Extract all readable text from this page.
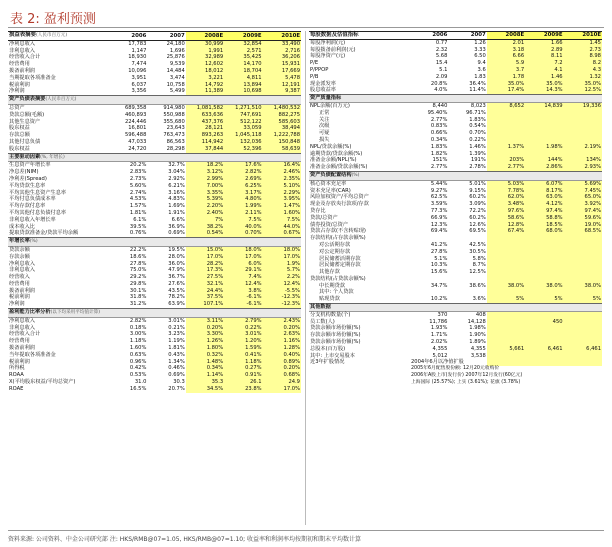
表 2: 盈利预测
损益表摘要(人民币百万元)	2006	2007	2008E	2009E	2010E
净利息收入	17,783	24,180	30,999	32,854	33,490
非利息收入	1,147	1,696	1,991	2,571	2,716
经营收入合计	18,930	25,876	32,989	35,425	36,206
经营费用	7,474	9,539	12,602	14,170	15,931
拨备前利润	10,096	14,484	18,012	18,704	17,669
当期提取各项准备金	3,951	3,474	3,221	4,811	5,478
税前利润	6,037	10,758	14,792	13,894	12,191
净利润	3,356	5,499	11,389	10,698	9,387
资产负债表摘要(人民币百万元)					
总资产	689,358	914,980	1,081,582	1,271,510	1,480,532
贷款总额(毛额)	460,893	550,988	633,636	747,691	882,275
其他生息资产	224,446	355,680	437,376	512,122	585,603
股东权益	16,801	23,643	28,121	33,059	38,494
存款总额	596,488	763,473	893,263	1,045,118	1,222,788
其他付息负债	47,033	86,563	114,942	132,036	150,848
股东权益	24,720	28,298	37,844	52,396	58,639
主要驱动因素(%, 年增长)					
生息资产年增长率	20.2%	32.7%	18.2%	17.6%	16.4%
净息差(NIM)	2.83%	3.04%	3.12%	2.82%	2.46%
净利差(Spread)	2.73%	2.92%	2.99%	2.69%	2.35%
平均贷款生息率	5.60%	6.21%	7.00%	6.25%	5.10%
平均其他生息资产生息率	2.74%	3.16%	3.35%	3.17%	2.29%
平均付息负债成本率	4.53%	4.83%	5.39%	4.80%	3.95%
平均存款付息率	1.57%	1.69%	2.20%	1.99%	1.47%
平均其他付息负债付息率	1.81%	1.91%	2.40%	2.11%	1.60%
非利息收入年增长率	6.1%	6.6%	7%	7.5%	7.5%
成本收入比	39.5%	36.9%	38.2%	40.0%	44.0%
提取贷款准备金/贷款平均余额	0.76%	0.69%	0.54%	0.70%	0.67%
年增长率(%)					
贷款余额	22.2%	19.5%	15.0%	18.0%	18.0%
存款余额	18.6%	28.0%	17.0%	17.0%	17.0%
净利息收入	27.8%	36.0%	28.2%	6.0%	1.9%
非利息收入	75.0%	47.9%	17.3%	29.1%	5.7%
经营收入	29.2%	36.7%	27.5%	7.4%	2.2%
经营费用	29.8%	27.6%	32.1%	12.4%	12.4%
拨备前利润	30.1%	43.5%	24.4%	3.8%	-5.5%
税前利润	31.8%	78.2%	37.5%	-6.1%	-12.3%
净利润	31.2%	63.9%	107.1%	-6.1%	-12.3%
盈利能力比率分析(以下均采用平均值计算)					
净利息收入	2.82%	3.01%	3.11%	2.79%	2.43%
非利息收入	0.18%	0.21%	0.20%	0.22%	0.20%
经营收入合计	3.00%	3.23%	3.30%	3.01%	2.63%
经营费用	1.18%	1.19%	1.26%	1.20%	1.16%
拨备前利润	1.60%	1.81%	1.80%	1.59%	1.28%
当年提取各项准备金	0.63%	0.43%	0.32%	0.41%	0.40%
税前利润	0.96%	1.34%	1.48%	1.18%	0.89%
所得税	0.42%	0.46%	0.34%	0.27%	0.20%
ROAA	0.53%	0.69%	1.14%	0.91%	0.68%
X(平均股东权益/平均总资产)	31.0	30.3	35.3	26.1	24.9
ROAE	16.5%	20.7%	34.5%	23.8%	17.0%
每股数据及估值指标	2006	2007	2008E	2009E	2010E
每股净利润(元)	0.77	1.26	2.01	1.66	1.45
每股拨备前利润(元)	2.32	3.33	3.18	2.89	2.73
每股净资产(元)	5.68	6.50	6.66	8.11	8.98
P/E	15.4	9.4	5.9	7.2	8.2
P/PPOP	5.1	3.6	3.7	4.1	4.3
P/B	2.09	1.83	1.78	1.46	1.32
现金派发率	20.8%	36.4%	35.0%	35.0%	35.0%
股息收益率	4.0%	11.4%	17.4%	14.3%	12.5%
资产质量指标					
NPL余额(百万元)	8,440	8,023	8,652	14,839	19,336
正常	95.40%	96.71%			
关注	2.77%	1.83%			
次级	0.83%	0.54%			
可疑	0.66%	0.70%			
损失	0.34%	0.22%			
NPL/贷款余额(%)	1.83%	1.46%	1.37%	1.98%	2.19%
逾期贷款/贷款余额(%)	1.82%	1.39%			
准备金余额/NPL(%)	151%	191%	203%	144%	134%
准备金余额/贷款余额(%)	2.77%	2.78%	2.77%	2.86%	2.93%
资产负债配置结构(%)					
核心资本充足率	5.44%	5.01%	5.03%	6.07%	5.69%
资本充足率(CAR)	9.27%	9.15%	7.78%	8.17%	7.45%
风险加权资产/平均总资产	62.5%	60.2%	62.0%	63.0%	65.0%
现金及存放央行款项/存款	3.59%	3.09%	3.48%	4.12%	3.92%
贷存比	77.3%	72.2%	97.6%	97.4%	97.4%
贷款/总资产	66.9%	60.2%	58.6%	58.8%	59.6%
债券投资/总资产	12.3%	12.6%	12.8%	18.5%	19.0%
贷款占存款(不含转贴现)	69.4%	69.5%	67.4%	68.0%	68.5%
存款结构(占存款余额%)					
对公活期存款	41.2%	42.5%			
对公定期存款	27.8%	30.5%			
居民储蓄活期存款	5.1%	5.8%			
居民储蓄定期存款	10.3%	8.7%			
其他存款	15.6%	12.5%			
贷款结构(占贷款余额%)					
中长期贷款	34.7%	38.6%	38.0%	38.0%	38.0%
其中: 个人贷款					
贴现贷款	10.2%	3.6%	5%	5%	5%
其他数据					
分支机构数量(个)	370	408			
员工数(人)	11,786	14,128		450	
贷款余额市场份额(%)	1.93%	1.98%			
存款余额市场份额(%)	1.71%	1.90%			
贷款余额市场份额(%)	2.02%	1.89%			
总股本(百万股)	4,355	4,355	5,661	6,461	6,461
其中: 上市交易股本	5,012	3,538			
近3年扩股情况	2004年6月以净值扩股				
	2005年6月配售股份额: 12月20元收购价				
	2006年A股上市(发行价) 2007年12月发行(60亿元)				
	上海国际 (25.57%); 上实 (3.61%); 花旗 (3.78%)				
资料来源: 公司资料、中金公司研究部 注: HKS/RMB@07=1.05, HKS/RMB@07=1.10; 收益率和利润率均按期初和期末平均数计算
